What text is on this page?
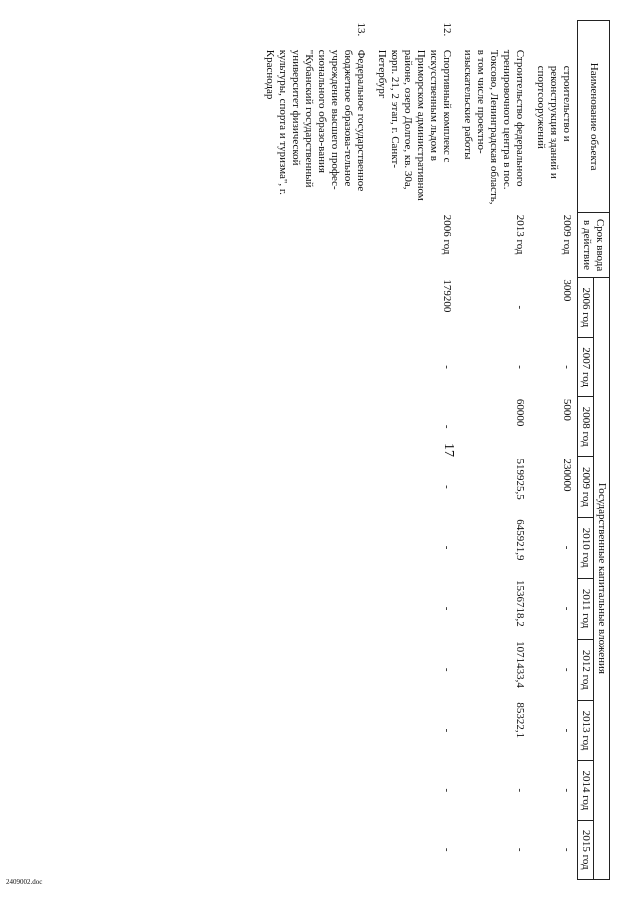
Наименование объекта		Срок ввода
в действие	Государственные капитальные вложения									
			2006 год	2007 год	2008 год	2009 год	2010 год	2011 год	2012 год	2013 год	2014 год	2015 год

	строительство и реконструкция зданий и спортсооружений	2009 год	3000	-	5000	230000	-	-	-	-	-	-
	Строительство федерального тренировочного центра в пос. Токсово, Ленинградская область, в том числе проектно-изыскательские работы	2013 год	-	-	60000	519925,5	645921,9	1536718,2	1071433,4	85322,1	-	-
12.	Спортивный комплекс с искусственным льдом в Приморском административном районе, озеро Долгое, кв. 30а, корп. 21, 2 этап, г. Санкт-Петербург	2006 год	179200	-	-	-	-	-	-	-	-	-
13.	Федеральное государственное бюджетное образова-тельное учреждение высшего профес-сионального образо-вания "Кубанский государственный университет физической культуры, спорта и туризма", г. Краснодар											
17
2409002.doc
